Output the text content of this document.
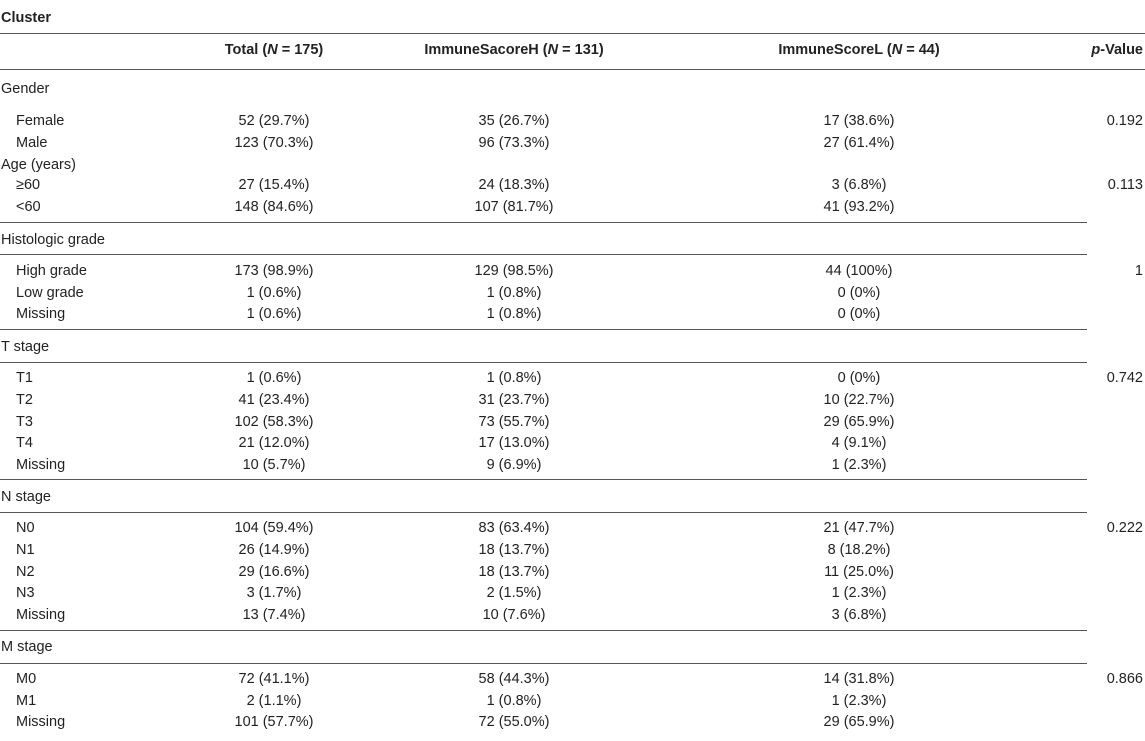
Cluster
Total (N = 175)	ImmuneSacoreH (N = 131)	ImmuneScoreL (N = 44)	p-Value
Gender
Female	52 (29.7%)	35 (26.7%)	17 (38.6%)	0.192
Male	123 (70.3%)	96 (73.3%)	27 (61.4%)
Age (years)
≥60	27 (15.4%)	24 (18.3%)	3 (6.8%)	0.113
<60	148 (84.6%)	107 (81.7%)	41 (93.2%)
Histologic grade
High grade	173 (98.9%)	129 (98.5%)	44 (100%)	1
Low grade	1 (0.6%)	1 (0.8%)	0 (0%)
Missing	1 (0.6%)	1 (0.8%)	0 (0%)
T stage
T1	1 (0.6%)	1 (0.8%)	0 (0%)	0.742
T2	41 (23.4%)	31 (23.7%)	10 (22.7%)
T3	102 (58.3%)	73 (55.7%)	29 (65.9%)
T4	21 (12.0%)	17 (13.0%)	4 (9.1%)
Missing	10 (5.7%)	9 (6.9%)	1 (2.3%)
N stage
N0	104 (59.4%)	83 (63.4%)	21 (47.7%)	0.222
N1	26 (14.9%)	18 (13.7%)	8 (18.2%)
N2	29 (16.6%)	18 (13.7%)	11 (25.0%)
N3	3 (1.7%)	2 (1.5%)	1 (2.3%)
Missing	13 (7.4%)	10 (7.6%)	3 (6.8%)
M stage
M0	72 (41.1%)	58 (44.3%)	14 (31.8%)	0.866
M1	2 (1.1%)	1 (0.8%)	1 (2.3%)
Missing	101 (57.7%)	72 (55.0%)	29 (65.9%)
